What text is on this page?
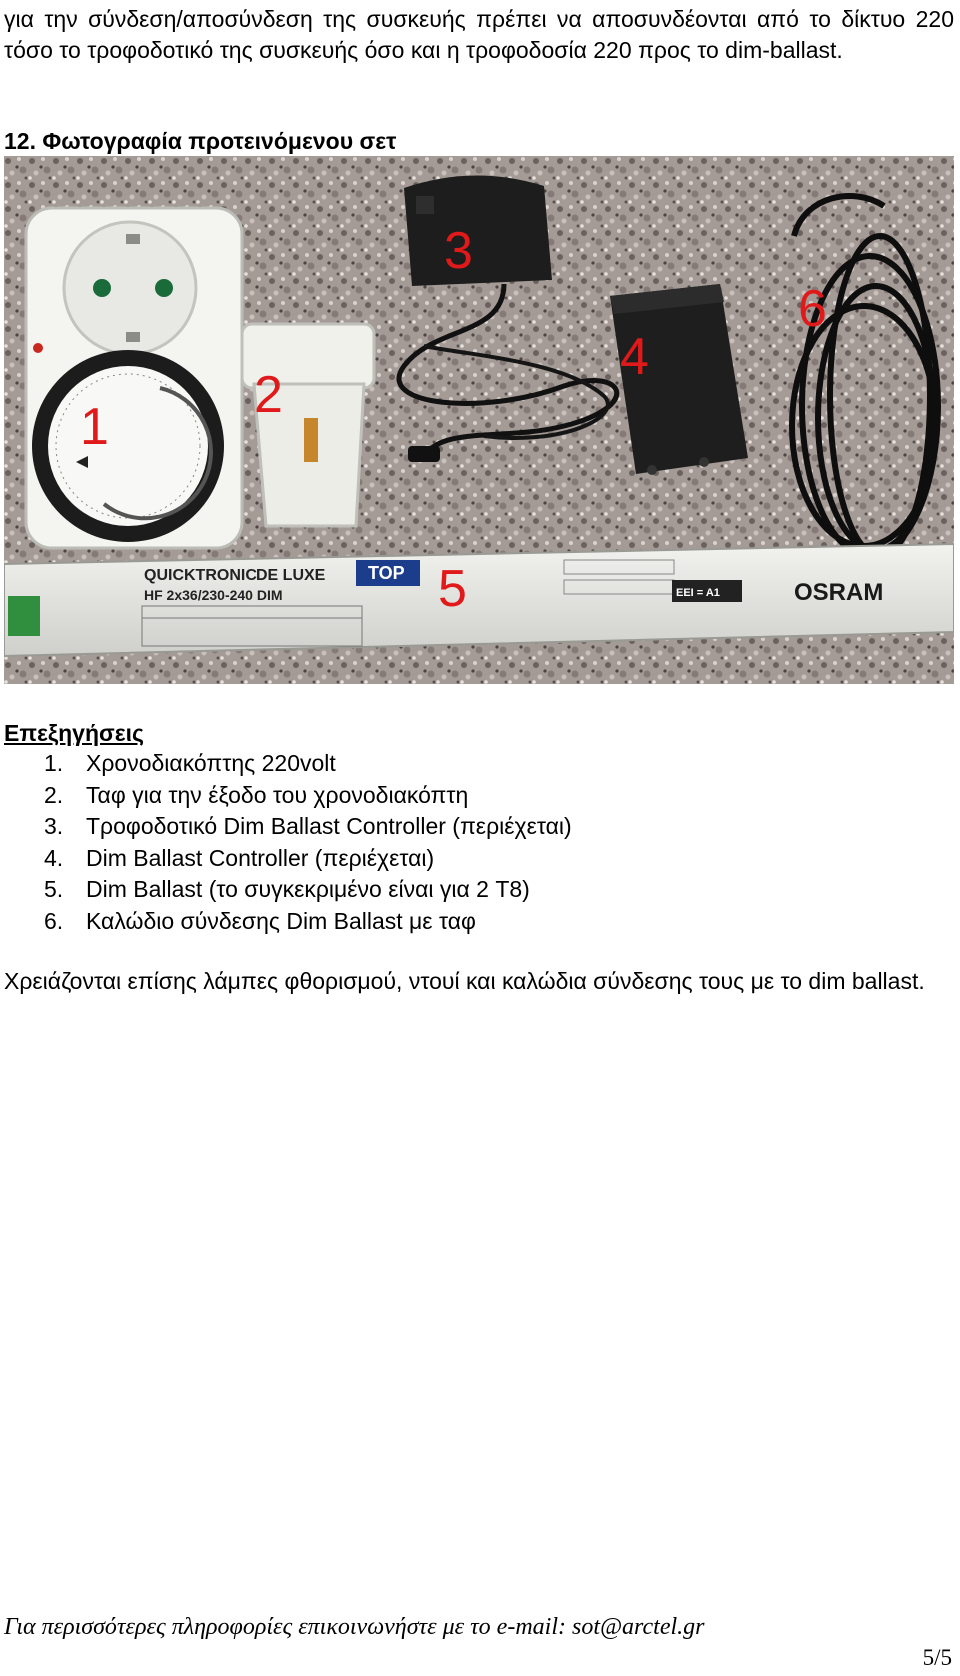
για την σύνδεση/αποσύνδεση της συσκευής πρέπει να αποσυνδέονται από το δίκτυο 220 τόσο το τροφοδοτικό της συσκευής όσο και η τροφοδοσία 220 προς το dim-ballast.

12. Φωτογραφία προτεινόμενου σετ
QUICKTRONIC DE LUXE
HF 2x36/230-240 DIM
TOP
EEI = A1	OSRAM
1
2
3
4
5
6
Επεξηγήσεις
1. Χρονοδιακόπτης 220volt
2. Ταφ για την έξοδο του χρονοδιακόπτη
3. Τροφοδοτικό Dim Ballast Controller (περιέχεται)
4. Dim Ballast Controller (περιέχεται)
5. Dim Ballast (το συγκεκριμένο είναι για 2 T8)
6. Καλώδιο σύνδεσης Dim Ballast με ταφ

Χρειάζονται επίσης λάμπες φθορισμού, ντουί και καλώδια σύνδεσης τους με το dim ballast.

Για περισσότερες πληροφορίες επικοινωνήστε με το e-mail: sot@arctel.gr
5/5
